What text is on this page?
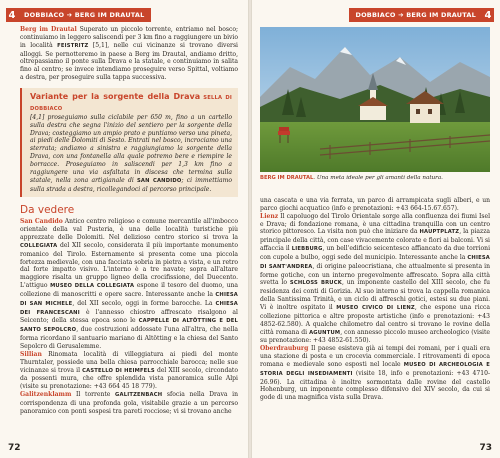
4	DOBBIACO ➔ BERG IM DRAUTAL

Berg im Drautal Superato un piccolo torrente, entriamo nel bosco; continuiamo in leggero saliscendi per 3 km fino a raggiungere un bivio in località FEISTRITZ [5,1], nelle cui vicinanze si trovano diversi alloggi. Se pernotteremo in paese a Berg im Drautal, andiamo dritto, oltrepassiamo il ponte sulla Drava e la statale, e continuiamo in salita fino al centro; se invece intendiamo proseguire verso Spittal, voltiamo a destra, per proseguire sulla tappa successiva.

Variante per la sorgente della Drava SELLA DI DOBBIACO

[4,1] proseguiamo sulla ciclabile per 650 m, fino a un cartello sulla destra che segna l'inizio del sentiero per la sorgente della Drava; costeggiamo un ampio prato e puntiamo verso una pineta, ai piedi delle Dolomiti di Sesto. Entrati nel bosco, incrociamo una sterrata; andiamo a sinistra e raggiungiamo la sorgente della Drava, con una fontanella alla quale potremo bere e riempire le borracce. Proseguiamo in saliscendi per 1,3 km fino a raggiungere una via asfaltata in discesa che termina sulla statale, nella zona artigianale di SAN CANDIDO; ci immettiamo sulla strada a destra, ricollegandoci al percorso principale.

Da vedere

San Candido Antico centro religioso e comune mercantile all'imbocco orientale della val Pusteria, è una delle località turistiche più apprezzate delle Dolomiti. Nel delizioso centro storico si trova la COLLEGIATA del XII secolo, considerata il più importante monumento romanico del Tirolo. Esternamente si presenta come una piccola fortezza medievale, con una facciata sobria in pietra a vista, e un retro dal forte impatto visivo. L'interno è a tre navate; sopra all'altare maggiore risalta un gruppo ligneo della crocifissione, del Duecento. L'attiguo MUSEO DELLA COLLEGIATA espone il tesoro del duomo, una collezione di manoscritti e opere sacre. Interessante anche la CHIESA DI SAN MICHELE, del XII secolo, oggi in forme barocche. La CHIESA DEI FRANCESCANI è l'annesso chiostro affrescato risalgono al Seicento; della stessa epoca sono le CAPPELLE DI ALTÖTTING E DEL SANTO SEPOLCRO, due costruzioni addossate l'una all'altra, che nella forma ricordano il santuario mariano di Altötting e la chiesa del Santo Sepolcro di Gerusalemme.

Sillian Rinomata località di villeggiatura ai piedi del monte Thurntaler, possiede una bella chiesa parrocchiale barocca; nelle sue vicinanze si trova il CASTELLO DI HEIMFELS del XIII secolo, circondato da possenti mura, che offre splendida vista panoramica sulle Alpi (visite su prenotazione: +43 664 45 18 779).

Galitzenklamm Il torrente GALITZENBACH sfocia nella Drava in corrispondenza di una profonda gola, visitabile grazie a un percorso panoramico con ponti sospesi tra pareti rocciose; vi si trovano anche

72
DOBBIACO ➔ BERG IM DRAUTAL 4
BERG IM DRAUTAL. Una meta ideale per gli amanti della natura.

una cascata e una via ferrata, un parco di arrampicata sugli alberi, e un parco giochi acquatico (info e prenotazioni: +43 664-15.67.657).

Lienz Il capoluogo del Tirolo Orientale sorge alla confluenza dei fiumi Isel e Drava; di fondazione romana, è una cittadina tranquilla con un centro storico pittoresco. La visita non può che iniziare da HAUPTPLATZ, la piazza principale della città, con case vivacemente colorate e fiori ai balconi. Vi si affaccia il LIEBBURG, un bell'edificio seicentesco affiancato da due torrioni con cupole a bulbo, oggi sede del municipio. Interessante anche la CHIESA DI SANT'ANDREA, di origine paleocristiana, che attualmente si presenta in forme gotiche, con un interno pregevolmente affrescato. Sopra alla città svetta lo SCHLOSS BRUCK, un imponente castello del XIII secolo, che fu residenza dei conti di Gorizia. Al suo interno si trova la cappella romanica della Santissima Trinità, e un ciclo di affreschi gotici, estesi su due piani. Vi è inoltre ospitato il MUSEO CIVICO DI LIENZ, che espone una ricca collezione pittorica e altre proposte artistiche (info e prenotazioni: +43 4852-62.580). A qualche chilometro dal centro si trovano le rovine della città romana di AGUNTUM, con annesso piccolo museo archeologico (visite su prenotazione: +43 4852-61.550).

Oberdrauburg Il paese esisteva già ai tempi dei romani, per i quali era una stazione di posta e un crocevia commerciale. I ritrovamenti di epoca romana e medievale sono esposti nel locale MUSEO DI ARCHEOLOGIA E STORIA DEGLI INSEDIAMENTI (visite 18, info e prenotazioni: +43 4710-26.96). La cittadina è inoltre sormontata dalle rovine del castello Hohenburg, un imponente complesso difensivo del XIV secolo, da cui si gode di una magnifica vista sulla Drava.

73
